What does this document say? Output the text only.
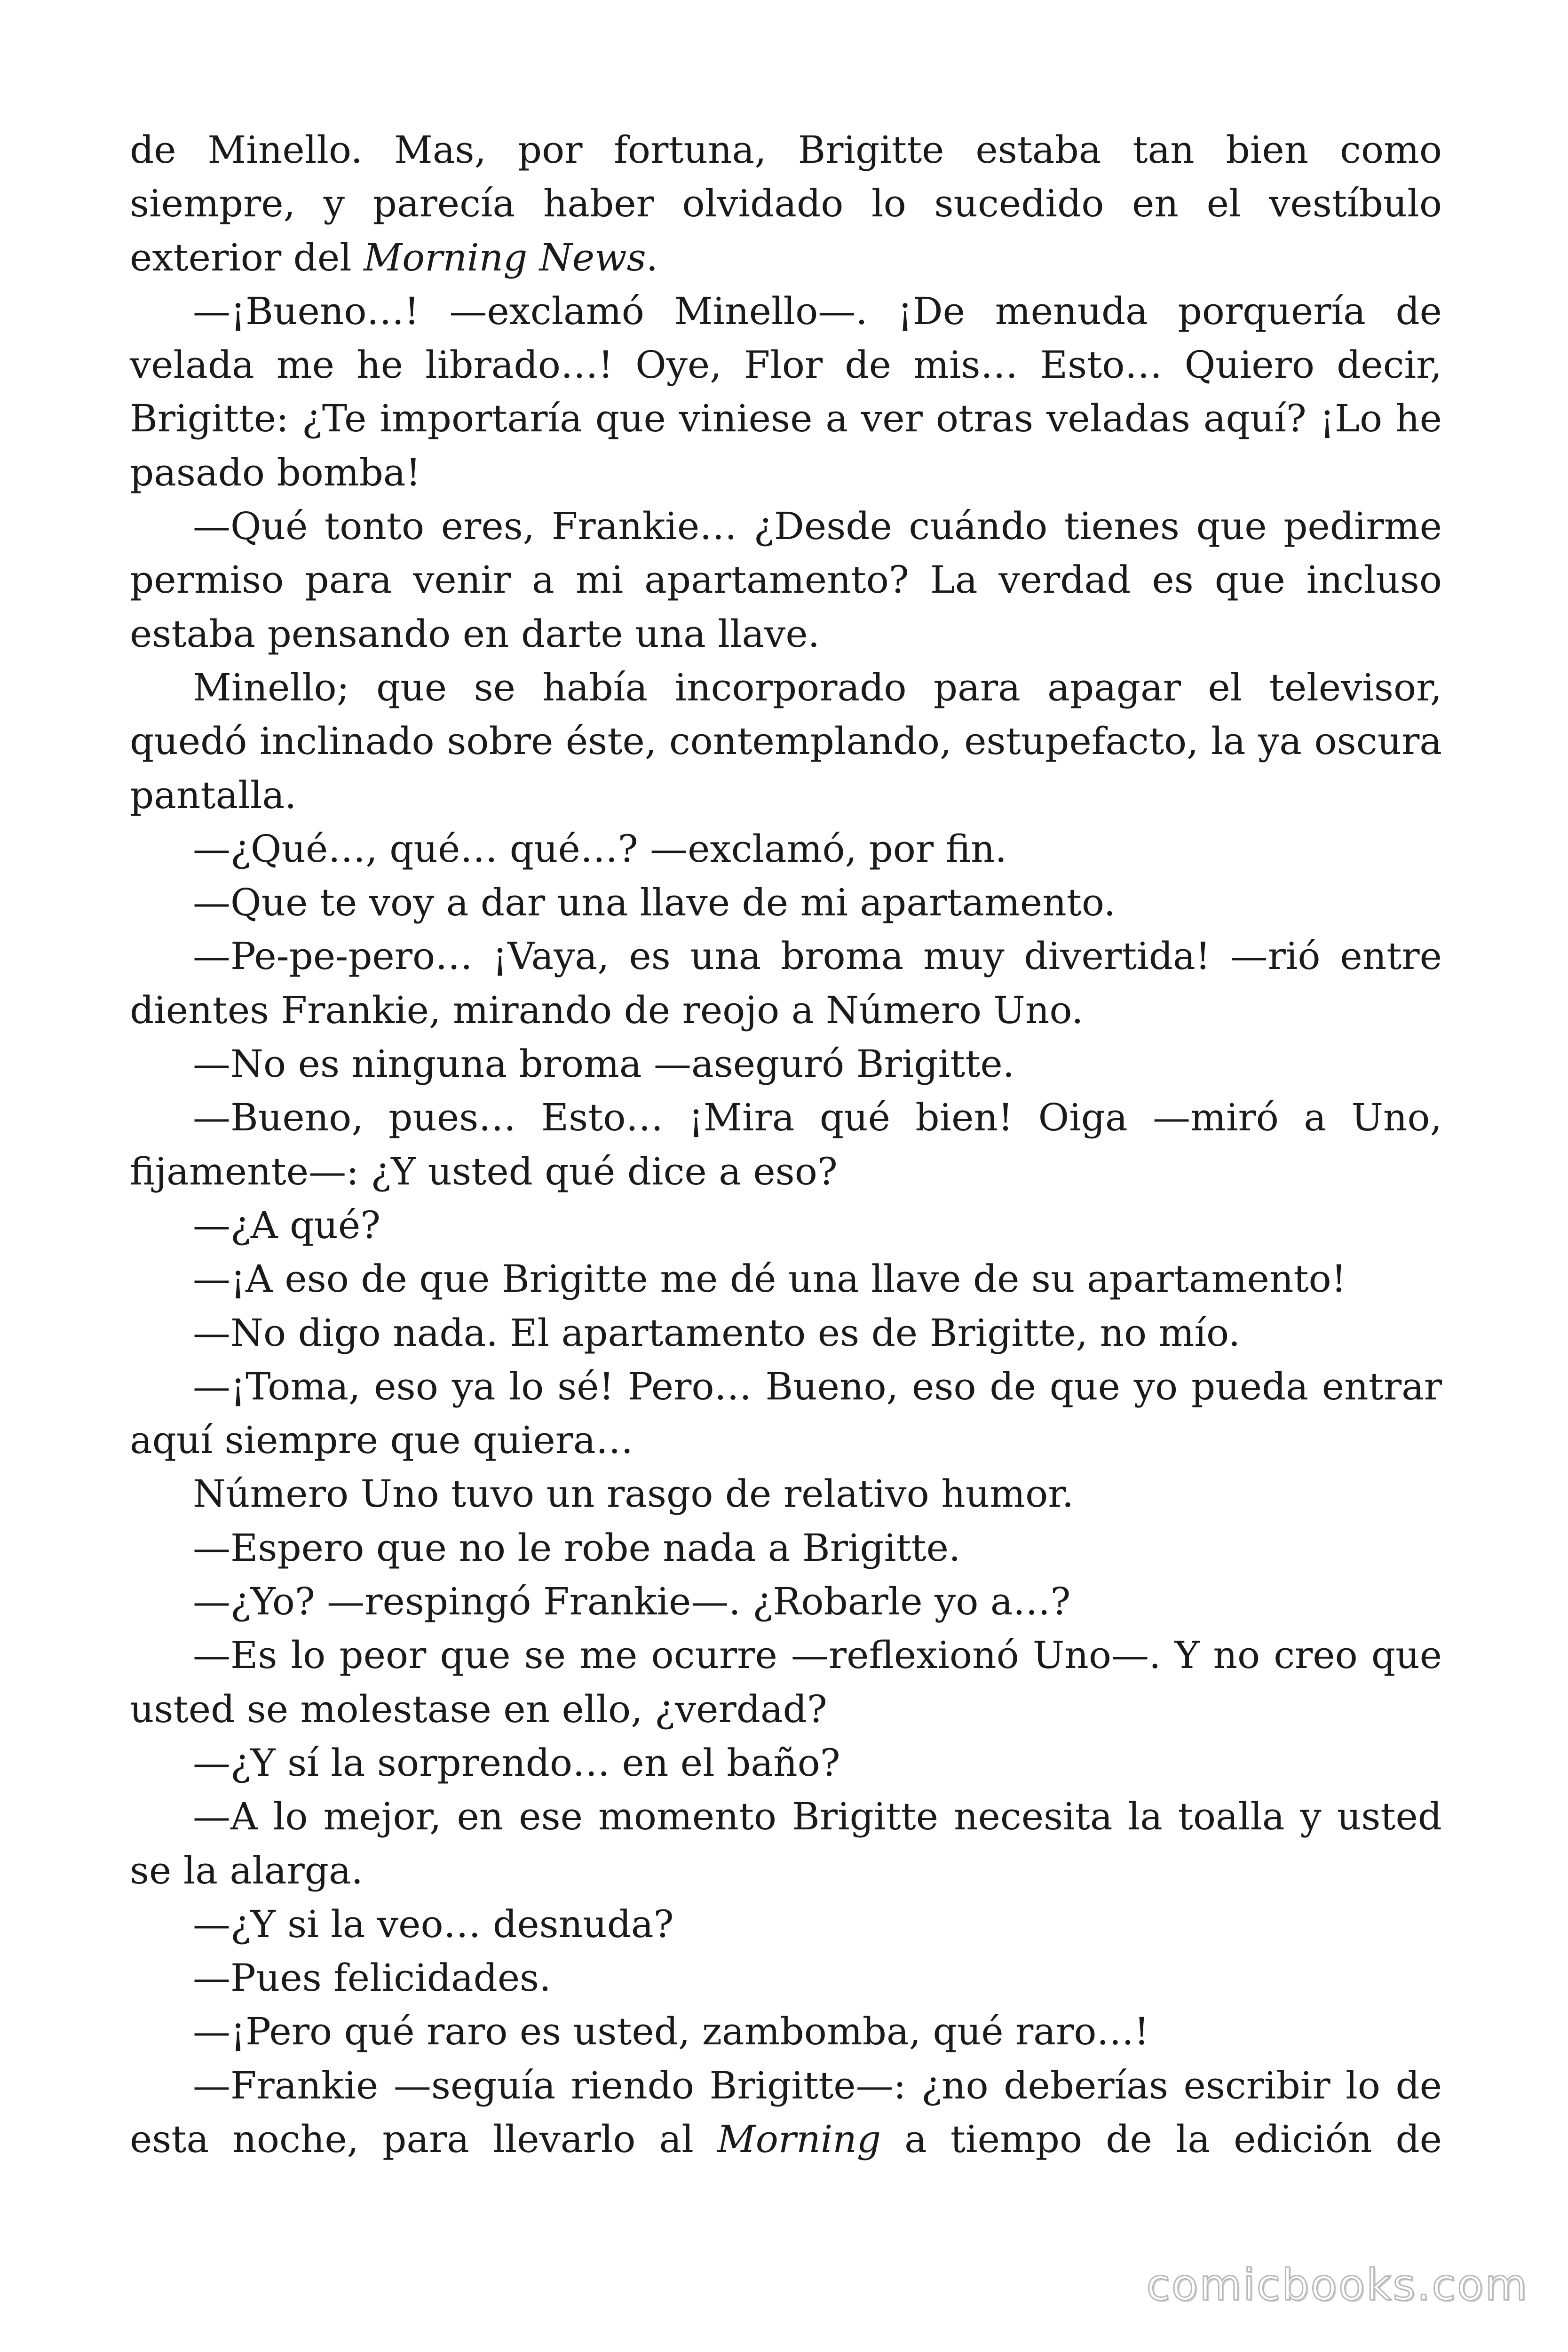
de Minello. Mas, por fortuna, Brigitte estaba tan bien como siempre, y parecía haber olvidado lo sucedido en el vestíbulo exterior del Morning News.

—¡Bueno…! —exclamó Minello—. ¡De menuda porquería de velada me he librado…! Oye, Flor de mis… Esto… Quiero decir, Brigitte: ¿Te importaría que viniese a ver otras veladas aquí? ¡Lo he pasado bomba!

—Qué tonto eres, Frankie… ¿Desde cuándo tienes que pedirme permiso para venir a mi apartamento? La verdad es que incluso estaba pensando en darte una llave.

Minello; que se había incorporado para apagar el televisor, quedó inclinado sobre éste, contemplando, estupefacto, la ya oscura pantalla.

—¿Qué…, qué… qué…? —exclamó, por fin.

—Que te voy a dar una llave de mi apartamento.

—Pe-pe-pero… ¡Vaya, es una broma muy divertida! —rió entre dientes Frankie, mirando de reojo a Número Uno.

—No es ninguna broma —aseguró Brigitte.

—Bueno, pues… Esto… ¡Mira qué bien! Oiga —miró a Uno, fijamente—: ¿Y usted qué dice a eso?

—¿A qué?

—¡A eso de que Brigitte me dé una llave de su apartamento!

—No digo nada. El apartamento es de Brigitte, no mío.

—¡Toma, eso ya lo sé! Pero… Bueno, eso de que yo pueda entrar aquí siempre que quiera…

Número Uno tuvo un rasgo de relativo humor.

—Espero que no le robe nada a Brigitte.

—¿Yo? —respingó Frankie—. ¿Robarle yo a…?

—Es lo peor que se me ocurre —reflexionó Uno—. Y no creo que usted se molestase en ello, ¿verdad?

—¿Y sí la sorprendo… en el baño?

—A lo mejor, en ese momento Brigitte necesita la toalla y usted se la alarga.

—¿Y si la veo… desnuda?

—Pues felicidades.

—¡Pero qué raro es usted, zambomba, qué raro…!

—Frankie —seguía riendo Brigitte—: ¿no deberías escribir lo de esta noche, para llevarlo al Morning a tiempo de la edición de

comicbooks.com
